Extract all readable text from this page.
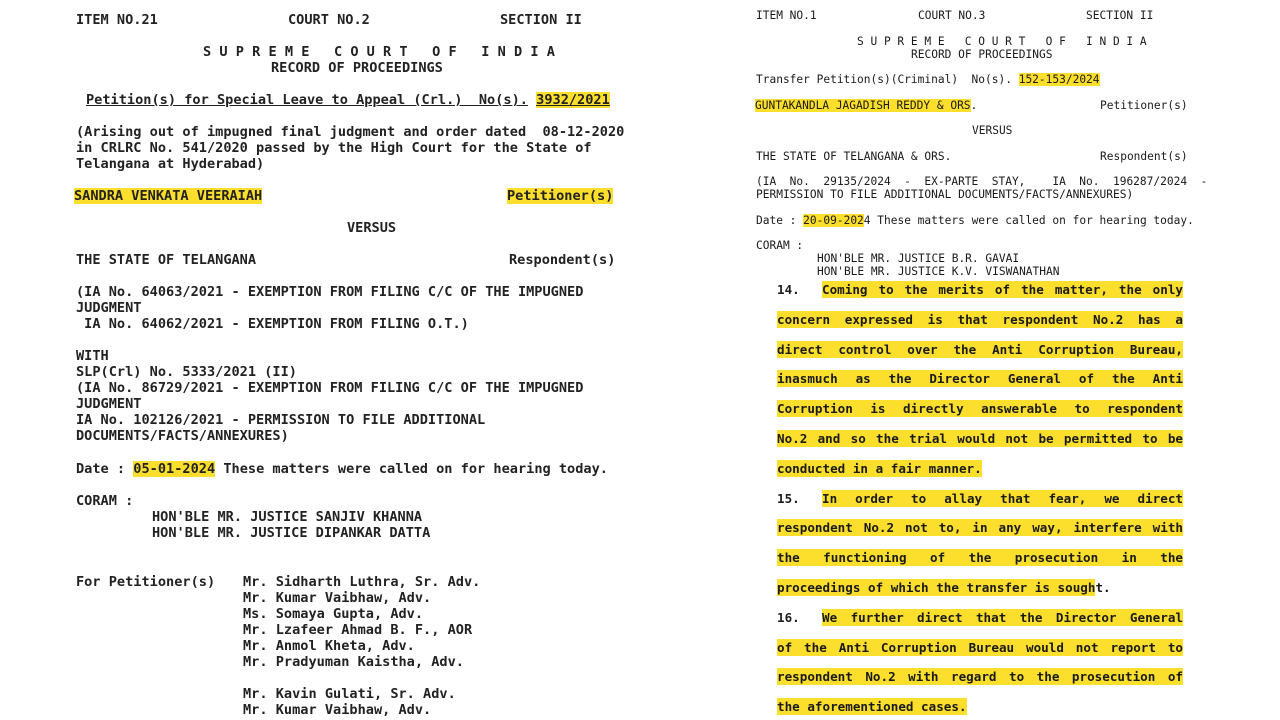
ITEM NO.21	COURT NO.2	SECTION II
S U P R E M E   C O U R T   O F   I N D I A
RECORD OF PROCEEDINGS
Petition(s) for Special Leave to Appeal (Crl.)  No(s). 3932/2021
(Arising out of impugned final judgment and order dated  08-12-2020
in CRLRC No. 541/2020 passed by the High Court for the State of
Telangana at Hyderabad)
SANDRA VENKATA VEERAIAH	Petitioner(s)
VERSUS
THE STATE OF TELANGANA	Respondent(s)
(IA No. 64063/2021 - EXEMPTION FROM FILING C/C OF THE IMPUGNED
JUDGMENT
IA No. 64062/2021 - EXEMPTION FROM FILING O.T.)
WITH
SLP(Crl) No. 5333/2021 (II)
(IA No. 86729/2021 - EXEMPTION FROM FILING C/C OF THE IMPUGNED
JUDGMENT
IA No. 102126/2021 - PERMISSION TO FILE ADDITIONAL
DOCUMENTS/FACTS/ANNEXURES)
Date : 05-01-2024 These matters were called on for hearing today.
CORAM :
HON'BLE MR. JUSTICE SANJIV KHANNA
HON'BLE MR. JUSTICE DIPANKAR DATTA
For Petitioner(s) Mr. Sidharth Luthra, Sr. Adv.
Mr. Kumar Vaibhaw, Adv.
Ms. Somaya Gupta, Adv.
Mr. Lzafeer Ahmad B. F., AOR
Mr. Anmol Kheta, Adv.
Mr. Pradyuman Kaistha, Adv.
Mr. Kavin Gulati, Sr. Adv.
Mr. Kumar Vaibhaw, Adv.
ITEM NO.1	COURT NO.3	SECTION II
S U P R E M E   C O U R T   O F   I N D I A
RECORD OF PROCEEDINGS
Transfer Petition(s)(Criminal)  No(s). 152-153/2024
GUNTAKANDLA JAGADISH REDDY & ORS.	Petitioner(s)
VERSUS
THE STATE OF TELANGANA & ORS.	Respondent(s)
(IA  No.  29135/2024  -  EX-PARTE  STAY,    IA  No.  196287/2024  -
PERMISSION TO FILE ADDITIONAL DOCUMENTS/FACTS/ANNEXURES)
Date : 20-09-2024 These matters were called on for hearing today.
CORAM :
HON'BLE MR. JUSTICE B.R. GAVAI
HON'BLE MR. JUSTICE K.V. VISWANATHAN
14. Coming to the merits of the matter, the only
concern expressed is that respondent No.2 has a
direct control over the Anti Corruption Bureau,
inasmuch as the Director General of the Anti
Corruption is directly answerable to respondent
No.2 and so the trial would not be permitted to be
conducted in a fair manner.
15. In order to allay that fear, we direct
respondent No.2 not to, in any way, interfere with
the functioning of the prosecution in the
proceedings of which the transfer is sought.
16. We further direct that the Director General
of the Anti Corruption Bureau would not report to
respondent No.2 with regard to the prosecution of
the aforementioned cases.
